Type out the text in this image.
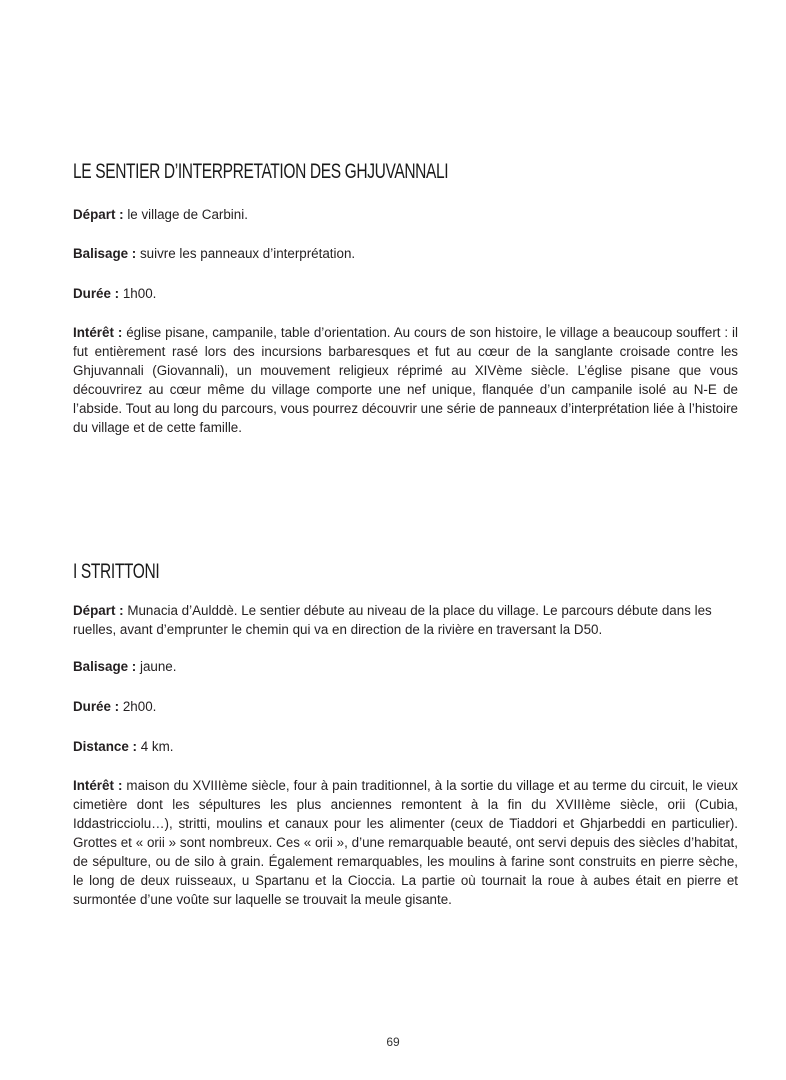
LE SENTIER D’INTERPRETATION DES GHJUVANNALI

Départ : le village de Carbini.

Balisage : suivre les panneaux d’interprétation.

Durée : 1h00.

Intérêt : église pisane, campanile, table d’orientation. Au cours de son histoire, le village a beaucoup souffert : il fut entièrement rasé lors des incursions barbaresques et fut au cœur de la sanglante croisade contre les Ghjuvannali (Giovannali), un mouvement religieux réprimé au XIVème siècle. L’église pisane que vous découvrirez au cœur même du village comporte une nef unique, flanquée d’un campanile isolé au N-E de l’abside. Tout au long du parcours, vous pourrez découvrir une série de panneaux d’interprétation liée à l’histoire du village et de cette famille.

I STRITTONI

Départ : Munacia d’Aulddè. Le sentier débute au niveau de la place du village. Le parcours débute dans les ruelles, avant d’emprunter le chemin qui va en direction de la rivière en traversant la D50.

Balisage : jaune.

Durée : 2h00.

Distance : 4 km.

Intérêt : maison du XVIIIème siècle, four à pain traditionnel, à la sortie du village et au terme du circuit, le vieux cimetière dont les sépultures les plus anciennes remontent à la fin du XVIIIème siècle, orii (Cubia, Iddastricciolu…), stritti, moulins et canaux pour les alimenter (ceux de Tiaddori et Ghjarbeddi en particulier). Grottes et « orii » sont nombreux. Ces « orii », d’une remarquable beauté, ont servi depuis des siècles d’habitat, de sépulture, ou de silo à grain. Également remarquables, les moulins à farine sont construits en pierre sèche, le long de deux ruisseaux, u Spartanu et la Cioccia. La partie où tournait la roue à aubes était en pierre et surmontée d’une voûte sur laquelle se trouvait la meule gisante.

69
